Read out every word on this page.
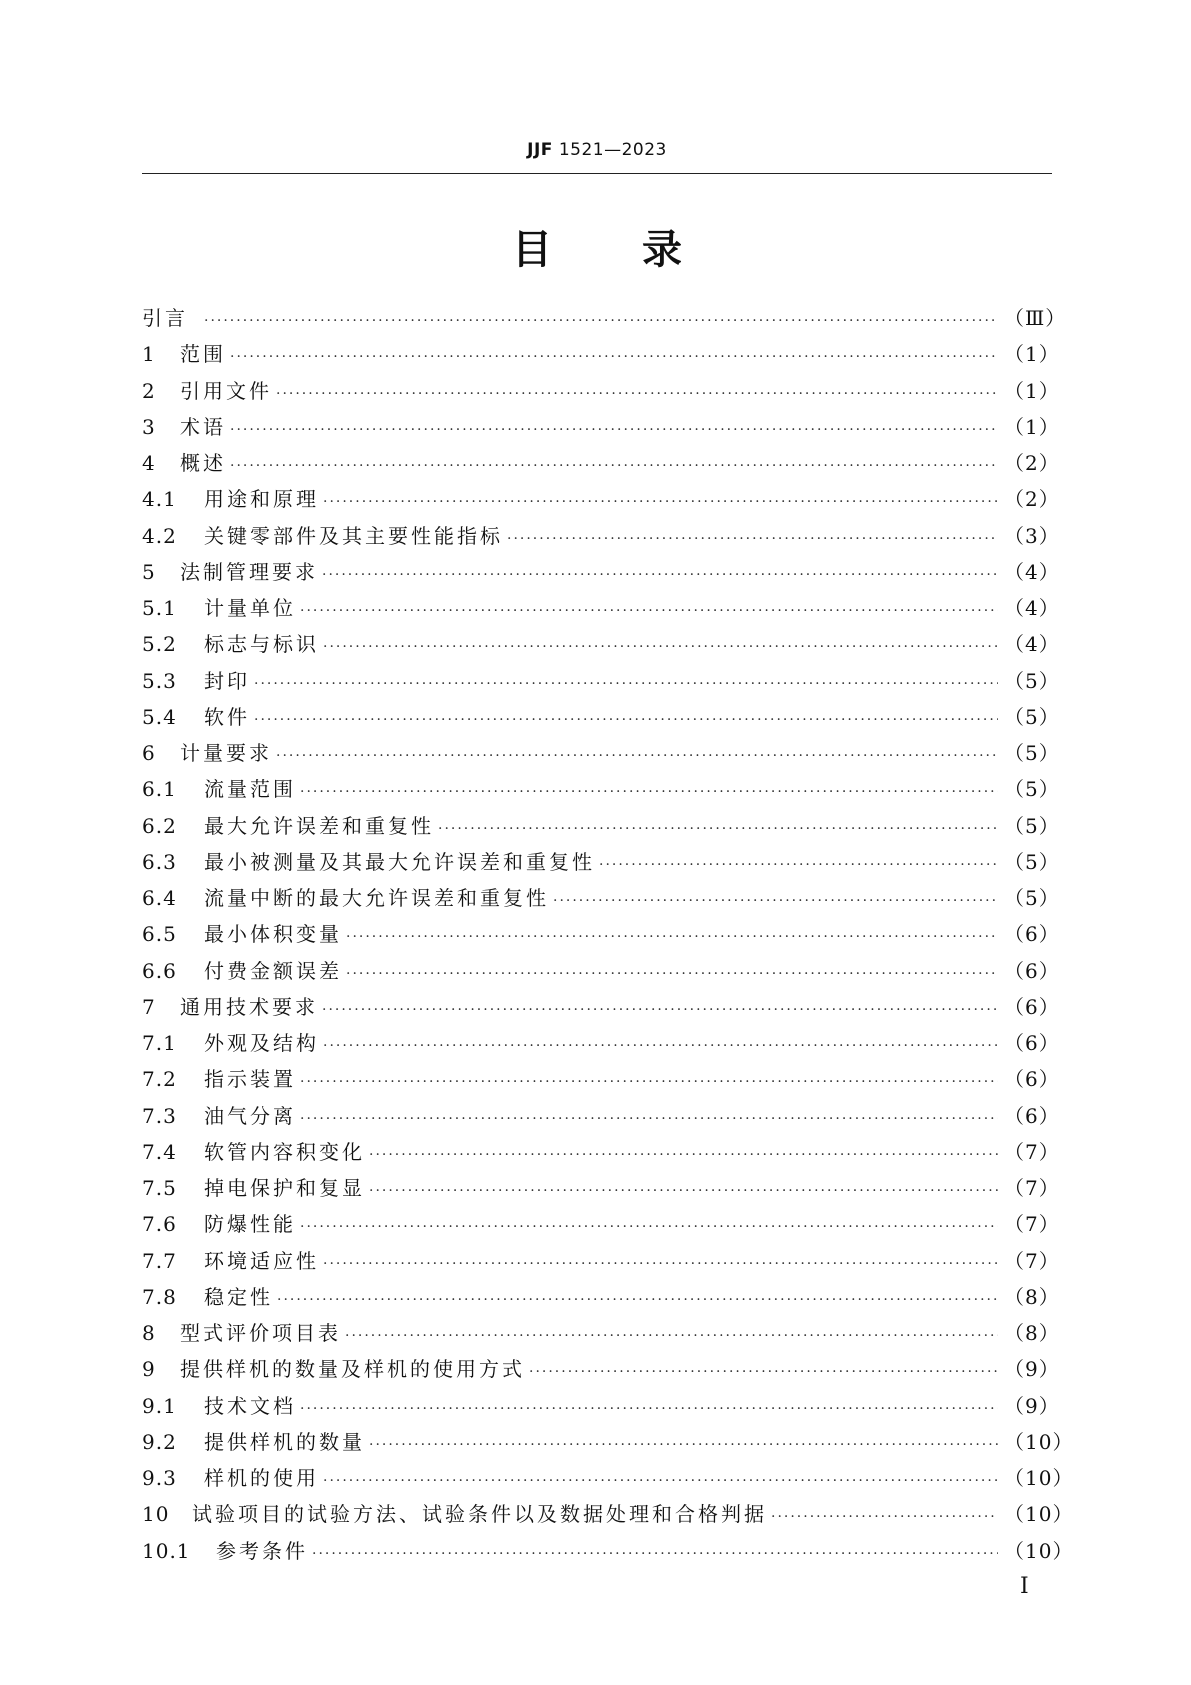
JJF 1521—2023
目录
引言 ·····	（Ⅲ）
1	范围 ·····	（1）
2	引用文件 ·····	（1）
3	术语 ·····	（1）
4	概述 ·····	（2）
4.1	用途和原理 ·····	（2）
4.2	关键零部件及其主要性能指标 ·····	（3）
5	法制管理要求 ·····	（4）
5.1	计量单位 ·····	（4）
5.2	标志与标识 ·····	（4）
5.3	封印 ·····	（5）
5.4	软件 ·····	（5）
6	计量要求 ·····	（5）
6.1	流量范围 ·····	（5）
6.2	最大允许误差和重复性 ·····	（5）
6.3	最小被测量及其最大允许误差和重复性 ·····	（5）
6.4	流量中断的最大允许误差和重复性 ·····	（5）
6.5	最小体积变量 ·····	（6）
6.6	付费金额误差 ·····	（6）
7	通用技术要求 ·····	（6）
7.1	外观及结构 ·····	（6）
7.2	指示装置 ·····	（6）
7.3	油气分离 ·····	（6）
7.4	软管内容积变化 ·····	（7）
7.5	掉电保护和复显 ·····	（7）
7.6	防爆性能 ·····	（7）
7.7	环境适应性 ·····	（7）
7.8	稳定性 ·····	（8）
8	型式评价项目表 ·····	（8）
9	提供样机的数量及样机的使用方式 ·····	（9）
9.1	技术文档 ·····	（9）
9.2	提供样机的数量 ·····	（10）
9.3	样机的使用 ·····	（10）
10	试验项目的试验方法、试验条件以及数据处理和合格判据 ·····	（10）
10.1	参考条件 ·····	（10）
Ⅰ
